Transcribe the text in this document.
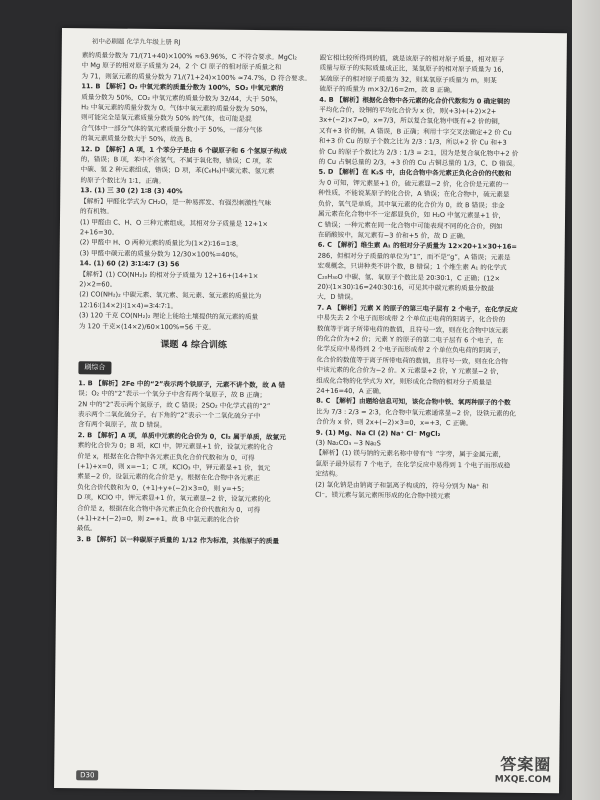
初中必刷题 化学九年级上册 RJ
素的质量分数为 71/(71+40)×100% ≈63.96%，C 不符合要求。MgCl₂
中 Mg 原子的相对原子质量为 24，2 个 Cl 原子的相对原子质量之和
为 71，则氯元素的质量分数为 71/(71+24)×100% ≈74.7%，D 符合要求。
11. B 【解析】O₂ 中氧元素的质量分数为 100%，SO₂ 中氧元素的
质量分数为 50%，CO₂ 中氧元素的质量分数为 32/44，大于 50%，
H₂ 中氧元素的质量分数为 0。气体中氧元素的质量分数为 50%，
则可能完全是氧元素质量分数为 50% 的气体，也可能是混
合气体中一部分气体的氧元素质量分数小于 50%，一部分气体
的氧元素质量分数大于 50%，故选 B。
12. D 【解析】A 项，1 个苯分子是由 6 个碳原子和 6 个氢原子构成
的，错误；B 项，苯中不含氢气，不属于氧化物，错误；C 项，苯
中碳、氢 2 种元素组成，错误；D 项，苯(C₆H₆)中碳元素、氢元素
的原子个数比为 1∶1，正确。
13. (1) 三 30 (2) 1∶8 (3) 40%
【解析】甲醛化学式为 CH₂O，是一种易挥发、有强烈刺激性气味
的有机物。
(1) 甲醛由 C、H、O 三种元素组成，其相对分子质量是 12+1×
2+16=30。
(2) 甲醛中 H、O 两种元素的质量比为(1×2)∶16=1∶8。
(3) 甲醛中碳元素的质量分数为 12/30×100%=40%。
14. (1) 60 (2) 3∶1∶4∶7 (3) 56
【解析】(1) CO(NH₂)₂ 的相对分子质量为 12+16+(14+1×
2)×2=60。
(2) CO(NH₂)₂ 中碳元素、氧元素、氮元素、氢元素的质量比为
12∶16∶(14×2)∶(1×4)=3∶4∶7∶1。
(3) 120 千克 CO(NH₂)₂ 理论上能给土壤提供的氮元素的质量
为 120 千克×(14×2)/60×100%=56 千克。
课题 4 综合训练
刷综合
1. B 【解析】2Fe 中的“2”表示两个铁原子，元素不讲个数，故 A 错
误；O₂ 中的“2”表示一个氧分子中含有两个氧原子，故 B 正确；
2N 中的“2”表示两个氮原子，故 C 错误；2SO₂ 中化学式前的“2”
表示两个二氧化硫分子，右下角的“2”表示一个二氧化硫分子中
含有两个氧原子，故 D 错误。
2. B 【解析】A 项，单质中元素的化合价为 0，Cl₂ 属于单质，故氯元
素的化合价为 0；B 项，KCl 中，钾元素显+1 价，设氯元素的化合
价是 x，根据在化合物中各元素正负化合价代数和为 0，可得
(+1)+x=0，则 x=−1；C 项，KClO₃ 中，钾元素显+1 价，氧元
素显−2 价，设氯元素的化合价是 y，根据在化合物中各元素正
负化合价代数和为 0，(+1)+y+(−2)×3=0，则 y=+5；
D 项，KClO 中，钾元素显+1 价，氧元素显−2 价，设氯元素的化
合价是 z，根据在化合物中各元素正负化合价代数和为 0，可得
(+1)+z+(−2)=0，则 z=+1。故 B 中氯元素的化合价
最低。
3. B 【解析】以一种碳原子质量的 1/12 作为标准，其他原子的质量
跟它相比较所得到的值，就是该原子的相对原子质量，相对原子
质量与原子的实际质量成正比，某氧原子的相对原子质量为 16，
某硫原子的相对原子质量为 32，则某氧原子质量为 m，则某
硫原子的质量为 m×32/16=2m，故 B 正确。
4. B 【解析】根据化合物中各元素的化合价代数和为 0 确定铜的
平均化合价，设铜的平均化合价为 x 价，则(+3)+(+2)×2+
3x+(−2)×7=0，x=7/3，所以复合氧化物中既有+2 价的铜，
又有+3 价的铜，A 错误，B 正确；利用十字交叉法确定+2 价 Cu
和+3 价 Cu 的原子个数之比为 2/3 : 1/3，所以+2 价 Cu 和+3
价 Cu 的原子个数比为 2/3 : 1/3 = 2∶1，因为是复合氧化物中+2 价
的 Cu 占铜总量的 2/3，+3 价的 Cu 占铜总量的 1/3，C、D 错误。
5. D 【解析】在 K₂S 中，由化合物中各元素正负化合价的代数和
为 0 可知，钾元素显+1 价，硫元素显−2 价，化合价是元素的一
种性质，不能说某原子的化合价，A 错误；在化合物中，硫元素显
负价，氧气是单质，其中氧元素的化合价为 0，故 B 错误；非金
属元素在化合物中不一定都显负价，如 H₂O 中氢元素显+1 价，
C 错误；一种元素在同一化合物中可能表现不同的化合价，例如
在硝酸铵中，氮元素有−3 价和+5 价，故 D 正确。
6. C 【解析】维生素 A₁ 的相对分子质量为 12×20+1×30+16=
286，但相对分子质量的单位为“1”，而不是“g”，A 错误；元素是
宏观概念，只讲种类不讲个数，B 错误；1 个维生素 A₁ 的化学式
C₂₀H₃₀O 中碳、氢、氧原子个数比是 20∶30∶1，C 正确；(12×
20)∶(1×30)∶16=240∶30∶16，可见其中碳元素的质量分数最
大，D 错误。
7. A 【解析】元素 X 的原子的第三电子层有 2 个电子，在化学反应
中易失去 2 个电子而形成带 2 个单位正电荷的阳离子，化合价的
数值等于离子所带电荷的数值，且符号一致，则在化合物中该元素
的化合价为+2 价；元素 Y 的原子的第二电子层有 6 个电子，在
化学反应中易得到 2 个电子而形成带 2 个单位负电荷的阴离子，
化合价的数值等于离子所带电荷的数值，且符号一致，则在化合物
中该元素的化合价为−2 价。X 元素显+2 价，Y 元素显−2 价，
组成化合物的化学式为 XY，则形成化合物的相对分子质量是
24+16=40，A 正确。
8. C 【解析】由题给信息可知，该化合物中铁、氧两种原子的个数
比为 7/3 : 2/3 = 2∶3，化合物中氧元素通常显−2 价，设铁元素的化
合价为 x 价，则 2x+(−2)×3=0，x=+3，C 正确。
9. (1) Mg、Na Cl (2) Na⁺ Cl⁻ MgCl₂
(3) Na₂CO₃ −3 Na₂S
【解析】(1) 镁与钠的元素名称中带有“钅”字旁，属于金属元素，
氯原子最外层有 7 个电子，在化学反应中易得到 1 个电子而形成稳
定结构。
(2) 氯化钠是由钠离子和氯离子构成的，符号分别为 Na⁺ 和
Cl⁻，镁元素与氯元素所形成的化合物中镁元素
D30
答案圈
MXQE.COM
